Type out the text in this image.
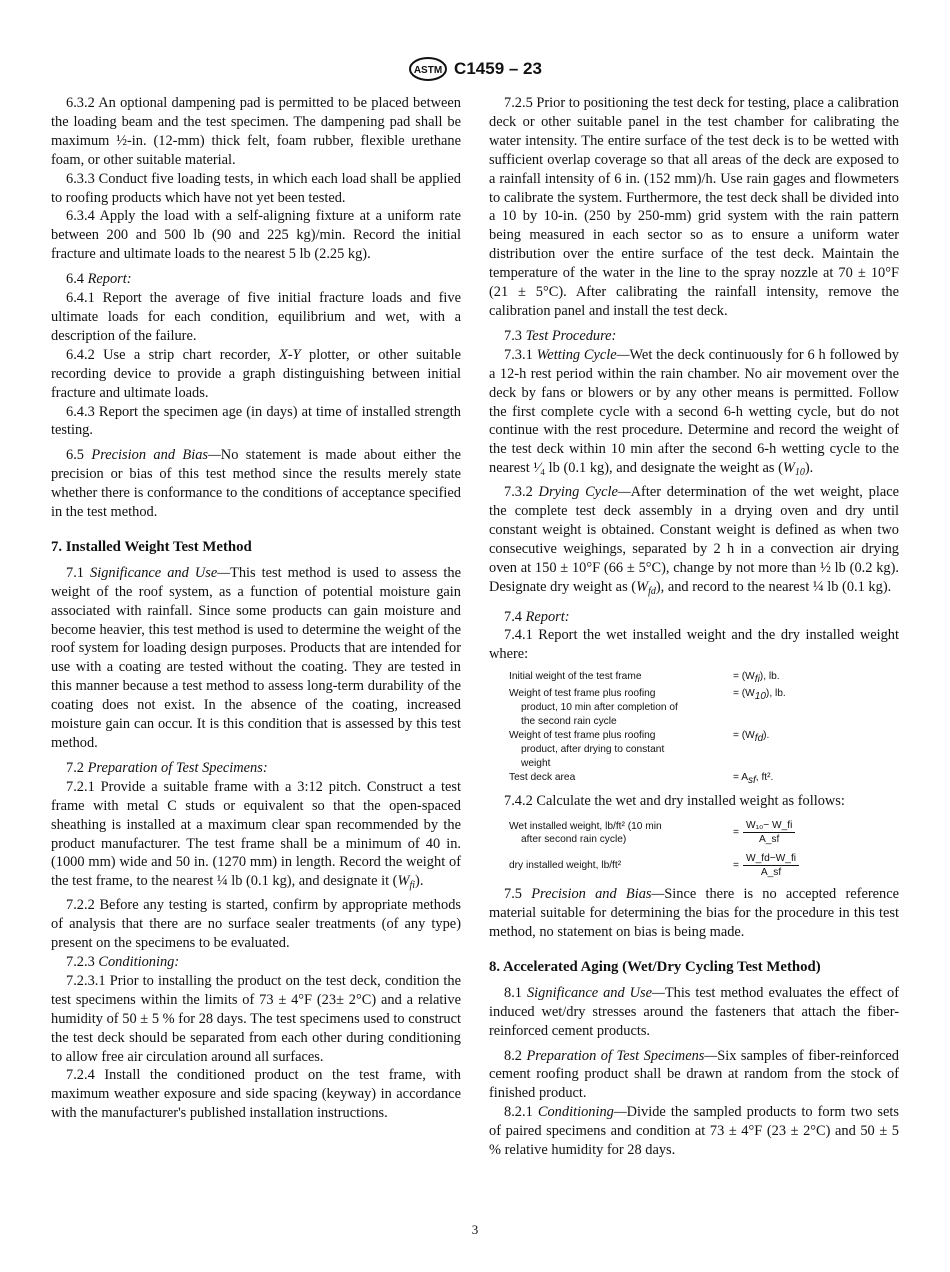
ASTM C1459 – 23

6.3.2 An optional dampening pad is permitted to be placed between the loading beam and the test specimen. The dampening pad shall be maximum ½-in. (12-mm) thick felt, foam rubber, flexible urethane foam, or other suitable material.

6.3.3 Conduct five loading tests, in which each load shall be applied to roofing products which have not yet been tested.

6.3.4 Apply the load with a self-aligning fixture at a uniform rate between 200 and 500 lb (90 and 225 kg)/min. Record the initial fracture and ultimate loads to the nearest 5 lb (2.25 kg).

6.4 Report:

6.4.1 Report the average of five initial fracture loads and five ultimate loads for each condition, equilibrium and wet, with a description of the failure.

6.4.2 Use a strip chart recorder, X-Y plotter, or other suitable recording device to provide a graph distinguishing between initial fracture and ultimate loads.

6.4.3 Report the specimen age (in days) at time of installed strength testing.

6.5 Precision and Bias—No statement is made about either the precision or bias of this test method since the results merely state whether there is conformance to the conditions of acceptance specified in the test method.

7. Installed Weight Test Method

7.1 Significance and Use—This test method is used to assess the weight of the roof system, as a function of potential moisture gain associated with rainfall. Since some products can gain moisture and become heavier, this test method is used to determine the weight of the roof system for loading design purposes. Products that are intended for use with a coating are tested without the coating. They are tested in this manner because a test method to assess long-term durability of the coating does not exist. In the absence of the coating, increased moisture gain can occur. It is this condition that is assessed by this test method.

7.2 Preparation of Test Specimens:

7.2.1 Provide a suitable frame with a 3:12 pitch. Construct a test frame with metal C studs or equivalent so that the open-spaced sheathing is installed at a maximum clear span recommended by the product manufacturer. The test frame shall be a minimum of 40 in. (1000 mm) wide and 50 in. (1270 mm) in length. Record the weight of the test frame, to the nearest ¼ lb (0.1 kg), and designate it $(W_{fi})$.

7.2.2 Before any testing is started, confirm by appropriate methods of analysis that there are no surface sealer treatments (of any type) present on the specimens to be evaluated.

7.2.3 Conditioning:

7.2.3.1 Prior to installing the product on the test deck, condition the test specimens within the limits of 73 ± 4°F (23± 2°C) and a relative humidity of 50 ± 5 % for 28 days. The test specimens used to construct the test deck should be separated from each other during conditioning to allow free air circulation around all surfaces.

7.2.4 Install the conditioned product on the test frame, with maximum weather exposure and side spacing (keyway) in accordance with the manufacturer's published installation instructions.

7.2.5 Prior to positioning the test deck for testing, place a calibration deck or other suitable panel in the test chamber for calibrating the water intensity. The entire surface of the test deck is to be wetted with sufficient overlap coverage so that all areas of the deck are exposed to a rainfall intensity of 6 in. (152 mm)/h. Use rain gages and flowmeters to calibrate the system. Furthermore, the test deck shall be divided into a 10 by 10-in. (250 by 250-mm) grid system with the rain pattern being measured in each sector so as to ensure a uniform water distribution over the entire surface of the test deck. Maintain the temperature of the water in the line to the spray nozzle at 70 ± 10°F (21 ± 5°C). After calibrating the rainfall intensity, remove the calibration panel and install the test deck.

7.3 Test Procedure:

7.3.1 Wetting Cycle—Wet the deck continuously for 6 h followed by a 12-h rest period within the rain chamber. No air movement over the deck by fans or blowers or by any other means is permitted. Follow the first complete cycle with a second 6-h wetting cycle, but do not continue with the rest procedure. Determine and record the weight of the test deck within 10 min after the second 6-h wetting cycle to the nearest ¹⁄₄ lb (0.1 kg), and designate the weight as $(W_{10})$.

7.3.2 Drying Cycle—After determination of the wet weight, place the complete test deck assembly in a drying oven and dry until constant weight is obtained. Constant weight is defined as when two consecutive weighings, separated by 2 h in a convection air drying oven at 150 ± 10°F (66 ± 5°C), change by not more than ½ lb (0.2 kg). Designate dry weight as $(W_{fd})$, and record to the nearest ¼ lb (0.1 kg).

7.4 Report:

7.4.1 Report the wet installed weight and the dry installed weight where:

Initial weight of the test frame	= (Wfi), lb.
Weight of test frame plus roofing
product, 10 min after completion of
the second rain cycle
= (W10), lb.
Weight of test frame plus roofing
product, after drying to constant
weight
= (Wfd).
Test deck area	= Asf, ft².

7.4.2 Calculate the wet and dry installed weight as follows:

Wet installed weight, lb/ft² (10 min
after second rain cycle)
= $\frac{\text{W₁₀− W\_fi}}{A\_sf}$
dry installed weight, lb/ft²	= $\frac{W\_fd-W\_fi}{A\_sf}$

7.5 Precision and Bias—Since there is no accepted reference material suitable for determining the bias for the procedure in this test method, no statement on bias is being made.

8. Accelerated Aging (Wet/Dry Cycling Test Method)

8.1 Significance and Use—This test method evaluates the effect of induced wet/dry stresses around the fasteners that attach the fiber-reinforced cement products.

8.2 Preparation of Test Specimens—Six samples of fiber-reinforced cement roofing product shall be drawn at random from the stock of finished product.

8.2.1 Conditioning—Divide the sampled products to form two sets of paired specimens and condition at 73 ± 4°F (23 ± 2°C) and 50 ± 5 % relative humidity for 28 days.

3
